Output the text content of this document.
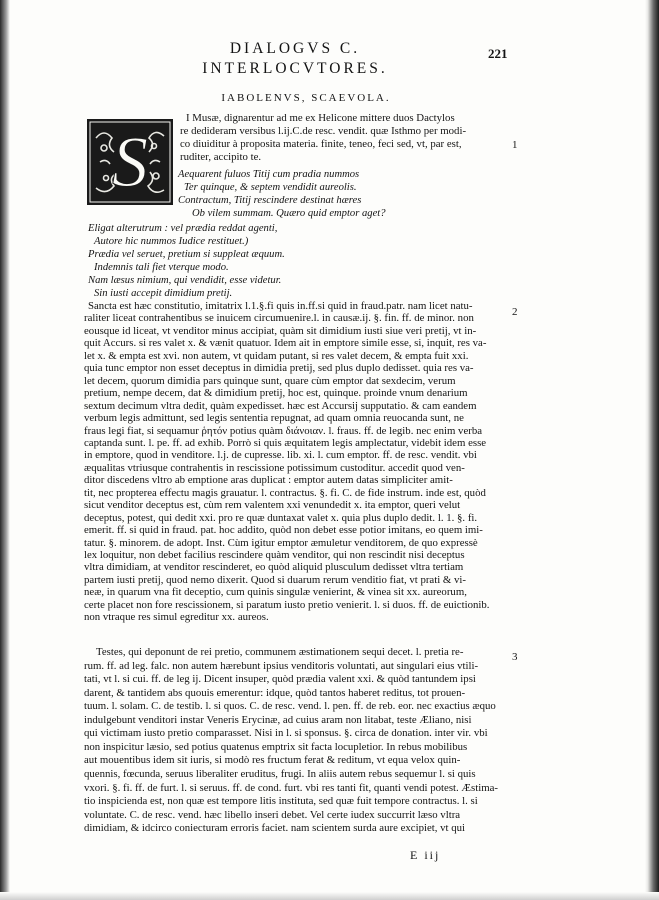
221
DIALOGVS C.
INTERLOCVTORES.
IABOLENVS, SCAEVOLA.
S
I Musæ, dignarentur ad me ex Helicone mittere duos Dactylos
re dedideram versibus l.ij.C.de resc. vendit. quæ Isthmo per modi-
co diuiditur à proposita materia. finite, teneo, feci sed, vt, par est,
ruditer, accipito te.
Aequarent fuluos Titij cum pradia nummos
Ter quinque, & septem vendidit aureolis.
Contractum, Titij rescindere destinat hæres
Ob vilem summam. Quæro quid emptor aget?
Eligat alterutrum : vel prædia reddat agenti,
Autore hic nummos Iudice restituet.)
Prædia vel seruet, pretium si suppleat æquum.
Indemnis tali fiet vterque modo.
Nam læsus nimium, qui vendidit, esse videtur.
Sin iusti accepit dimidium pretij.
Sancta est hæc constitutio, imitatrix l.1.§.fi quis in.ff.si quid in fraud.patr. nam licet natu-
raliter liceat contrahentibus se inuicem circumuenire.l. in causæ.ij. §. fin. ff. de minor. non
eousque id liceat, vt venditor minus accipiat, quàm sit dimidium iusti siue veri pretij, vt in-
quit Accurs. si res valet x. & vænit quatuor. Idem ait in emptore simile esse, si, inquit, res va-
let x. & empta est xvi. non autem, vt quidam putant, si res valet decem, & empta fuit xxi.
quia tunc emptor non esset deceptus in dimidia pretij, sed plus duplo dedisset. quia res va-
let decem, quorum dimidia pars quinque sunt, quare cùm emptor dat sexdecim, verum
pretium, nempe decem, dat & dimidium pretij, hoc est, quinque. proinde vnum denarium
sextum decimum vltra dedit, quàm expedisset. hæc est Accursij supputatio. & cam eandem
verbum legis admittunt, sed legis sententia repugnat, ad quam omnia reuocanda sunt, ne
fraus legi fiat, si sequamur ῥητόν potius quàm διάνοιαν. l. fraus. ff. de legib. nec enim verba
captanda sunt. l. pe. ff. ad exhib. Porrò si quis æquitatem legis amplectatur, videbit idem esse
in emptore, quod in venditore. l.j. de cupresse. lib. xi. l. cum emptor. ff. de resc. vendit. vbi
æqualitas vtriusque contrahentis in rescissione potissimum custoditur. accedit quod ven-
ditor discedens vltro ab emptione aras duplicat : emptor autem datas simpliciter amit-
tit, nec propterea effectu magis grauatur. l. contractus. §. fi. C. de fide instrum. inde est, quòd
sicut venditor deceptus est, cùm rem valentem xxi venundedit x. ita emptor, queri velut
deceptus, potest, qui dedit xxi. pro re quæ duntaxat valet x. quia plus duplo dedit. l. 1. §. fi.
emerit. ff. si quid in fraud. pat. hoc addito, quòd non debet esse potior imitans, eo quem imi-
tatur. §. minorem. de adopt. Inst. Cùm igitur emptor æmuletur venditorem, de quo expressè
lex loquitur, non debet facilius rescindere quàm venditor, qui non rescindit nisi deceptus
vltra dimidiam, at venditor rescinderet, eo quòd aliquid plusculum dedisset vltra tertiam
partem iusti pretij, quod nemo dixerit. Quod si duarum rerum venditio fiat, vt prati & vi-
neæ, in quarum vna fit deceptio, cum quinis singulæ venierint, & vinea sit xx. aureorum,
certe placet non fore rescissionem, si paratum iusto pretio venierit. l. si duos. ff. de euictionib.
non vtraque res simul egreditur xx. aureos.
Testes, qui deponunt de rei pretio, communem æstimationem sequi decet. l. pretia re-
rum. ff. ad leg. falc. non autem hærebunt ipsius venditoris voluntati, aut singulari eius vtili-
tati, vt l. si cui. ff. de leg ij. Dicent insuper, quòd prædia valent xxi. & quòd tantundem ipsi
darent, & tantidem abs quouis emerentur: idque, quòd tantos haberet reditus, tot prouen-
tuum. l. solam. C. de testib. l. si quos. C. de resc. vend. l. pen. ff. de reb. eor. nec exactius æquo
indulgebunt venditori instar Veneris Erycinæ, ad cuius aram non litabat, teste Æliano, nisi
qui victimam iusto pretio comparasset. Nisi in l. si sponsus. §. circa de donation. inter vir. vbi
non inspicitur læsio, sed potius quatenus emptrix sit facta locupletior. In rebus mobilibus
aut mouentibus idem sit iuris, si modò res fructum ferat & reditum, vt equa velox quin-
quennis, fœcunda, seruus liberaliter eruditus, frugi. In aliis autem rebus sequemur l. si quis
vxori. §. fi. ff. de furt. l. si seruus. ff. de cond. furt. vbi res tanti fit, quanti vendi potest. Æstima-
tio inspicienda est, non quæ est tempore litis instituta, sed quæ fuit tempore contractus. l. si
voluntate. C. de resc. vend. hæc libello inseri debet. Vel certe iudex succurrit læso vltra
dimidiam, & idcirco coniecturam erroris faciet. nam scientem surda aure excipiet, vt qui
1
2
3
E iij
